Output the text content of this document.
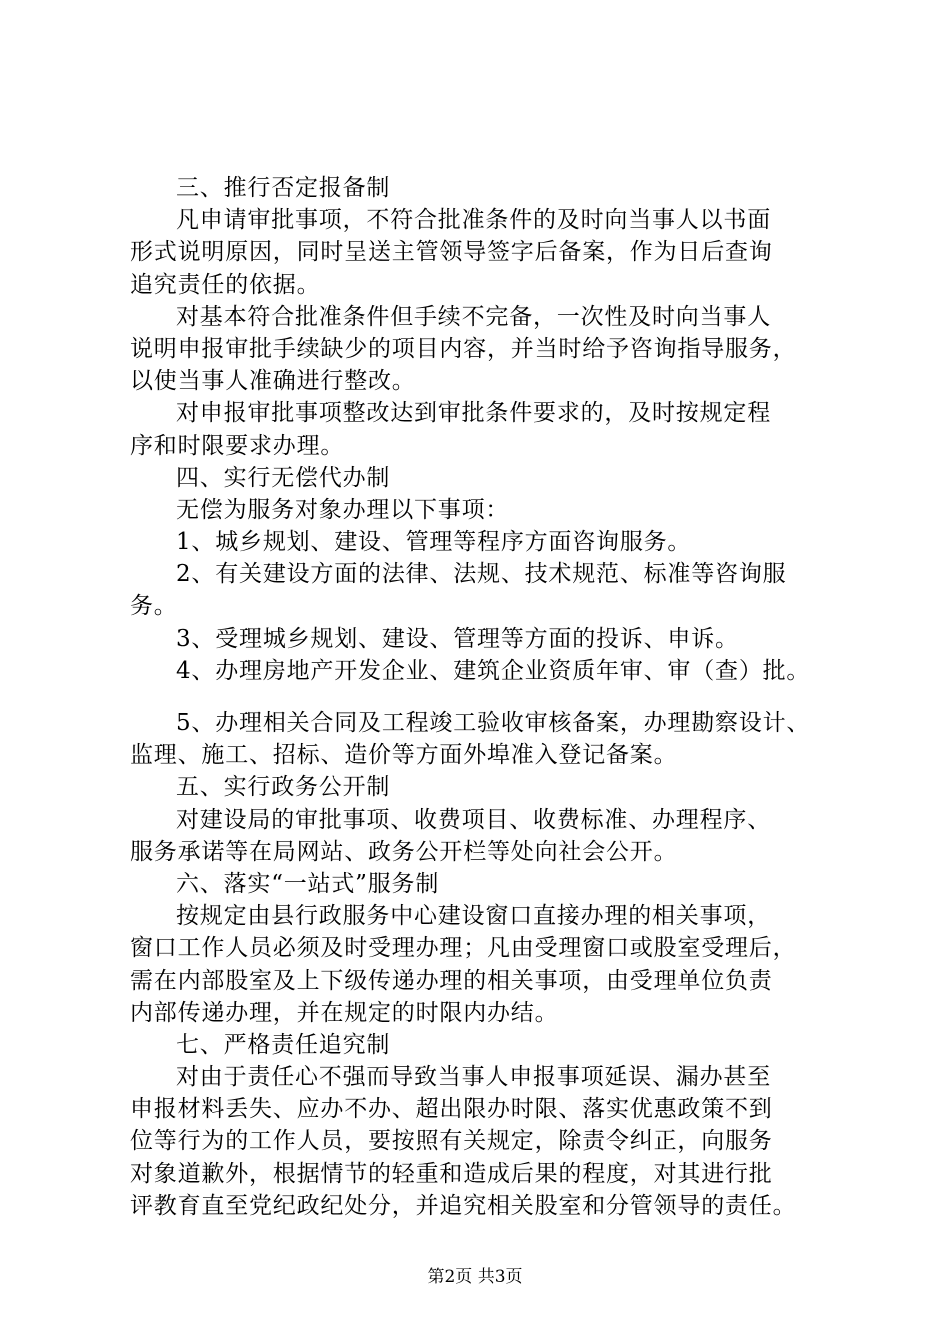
三、推行否定报备制
凡申请审批事项，不符合批准条件的及时向当事人以书面
形式说明原因，同时呈送主管领导签字后备案，作为日后查询
追究责任的依据。
对基本符合批准条件但手续不完备，一次性及时向当事人
说明申报审批手续缺少的项目内容，并当时给予咨询指导服务，
以使当事人准确进行整改。
对申报审批事项整改达到审批条件要求的，及时按规定程
序和时限要求办理。
四、实行无偿代办制
无偿为服务对象办理以下事项：
1、城乡规划、建设、管理等程序方面咨询服务。
2、有关建设方面的法律、法规、技术规范、标准等咨询服
务。
3、受理城乡规划、建设、管理等方面的投诉、申诉。
4、办理房地产开发企业、建筑企业资质年审、审（查）批。
5、办理相关合同及工程竣工验收审核备案，办理勘察设计、
监理、施工、招标、造价等方面外埠准入登记备案。
五、实行政务公开制
对建设局的审批事项、收费项目、收费标准、办理程序、
服务承诺等在局网站、政务公开栏等处向社会公开。
六、落实“一站式”服务制
按规定由县行政服务中心建设窗口直接办理的相关事项，
窗口工作人员必须及时受理办理；凡由受理窗口或股室受理后，
需在内部股室及上下级传递办理的相关事项，由受理单位负责
内部传递办理，并在规定的时限内办结。
七、严格责任追究制
对由于责任心不强而导致当事人申报事项延误、漏办甚至
申报材料丢失、应办不办、超出限办时限、落实优惠政策不到
位等行为的工作人员，要按照有关规定，除责令纠正，向服务
对象道歉外，根据情节的轻重和造成后果的程度，对其进行批
评教育直至党纪政纪处分，并追究相关股室和分管领导的责任。
第2页 共3页
